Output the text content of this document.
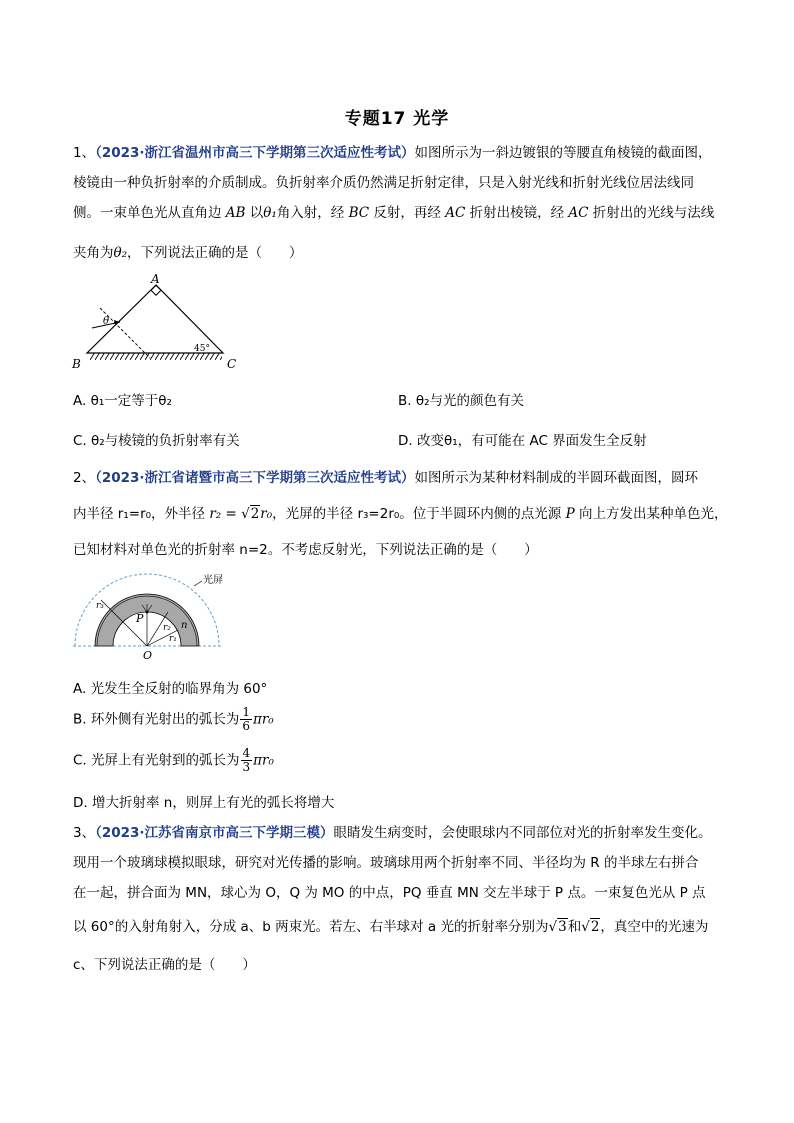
专题17 光学
1、（2023·浙江省温州市高三下学期第三次适应性考试）如图所示为一斜边镀银的等腰直角棱镜的截面图，
棱镜由一种负折射率的介质制成。负折射率介质仍然满足折射定律，只是入射光线和折射光线位居法线同
侧。一束单色光从直角边 AB 以θ₁角入射，经 BC 反射，再经 AC 折射出棱镜，经 AC 折射出的光线与法线
夹角为θ₂，下列说法正确的是（　　）
A
B	C
θ
45°
A. θ₁一定等于θ₂	B. θ₂与光的颜色有关
C. θ₂与棱镜的负折射率有关	D. 改变θ₁，有可能在 AC 界面发生全反射
2、（2023·浙江省诸暨市高三下学期第三次适应性考试）如图所示为某种材料制成的半圆环截面图，圆环
内半径 r₁=r₀，外半径 r₂ = √2r₀，光屏的半径 r₃=2r₀。位于半圆环内侧的点光源 P 向上方发出某种单色光，
已知材料对单色光的折射率 n=2。不考虑反射光，下列说法正确的是（　　）
光屏
r₃
P
r₂
r₁
n
O
A. 光发生全反射的临界角为 60°
B. 环外侧有光射出的弧长为 $\frac{1}{6} \pi r_0$
C. 光屏上有光射到的弧长为 $\frac{4}{3} \pi r_0$
D. 增大折射率 n，则屏上有光的弧长将增大
3、（2023·江苏省南京市高三下学期三模）眼睛发生病变时，会使眼球内不同部位对光的折射率发生变化。
现用一个玻璃球模拟眼球，研究对光传播的影响。玻璃球用两个折射率不同、半径均为 R 的半球左右拼合
在一起，拼合面为 MN，球心为 O，Q 为 MO 的中点，PQ 垂直 MN 交左半球于 P 点。一束复色光从 P 点
以 60°的入射角射入，分成 a、b 两束光。若左、右半球对 a 光的折射率分别为√3和√2，真空中的光速为
c、下列说法正确的是（　　）
